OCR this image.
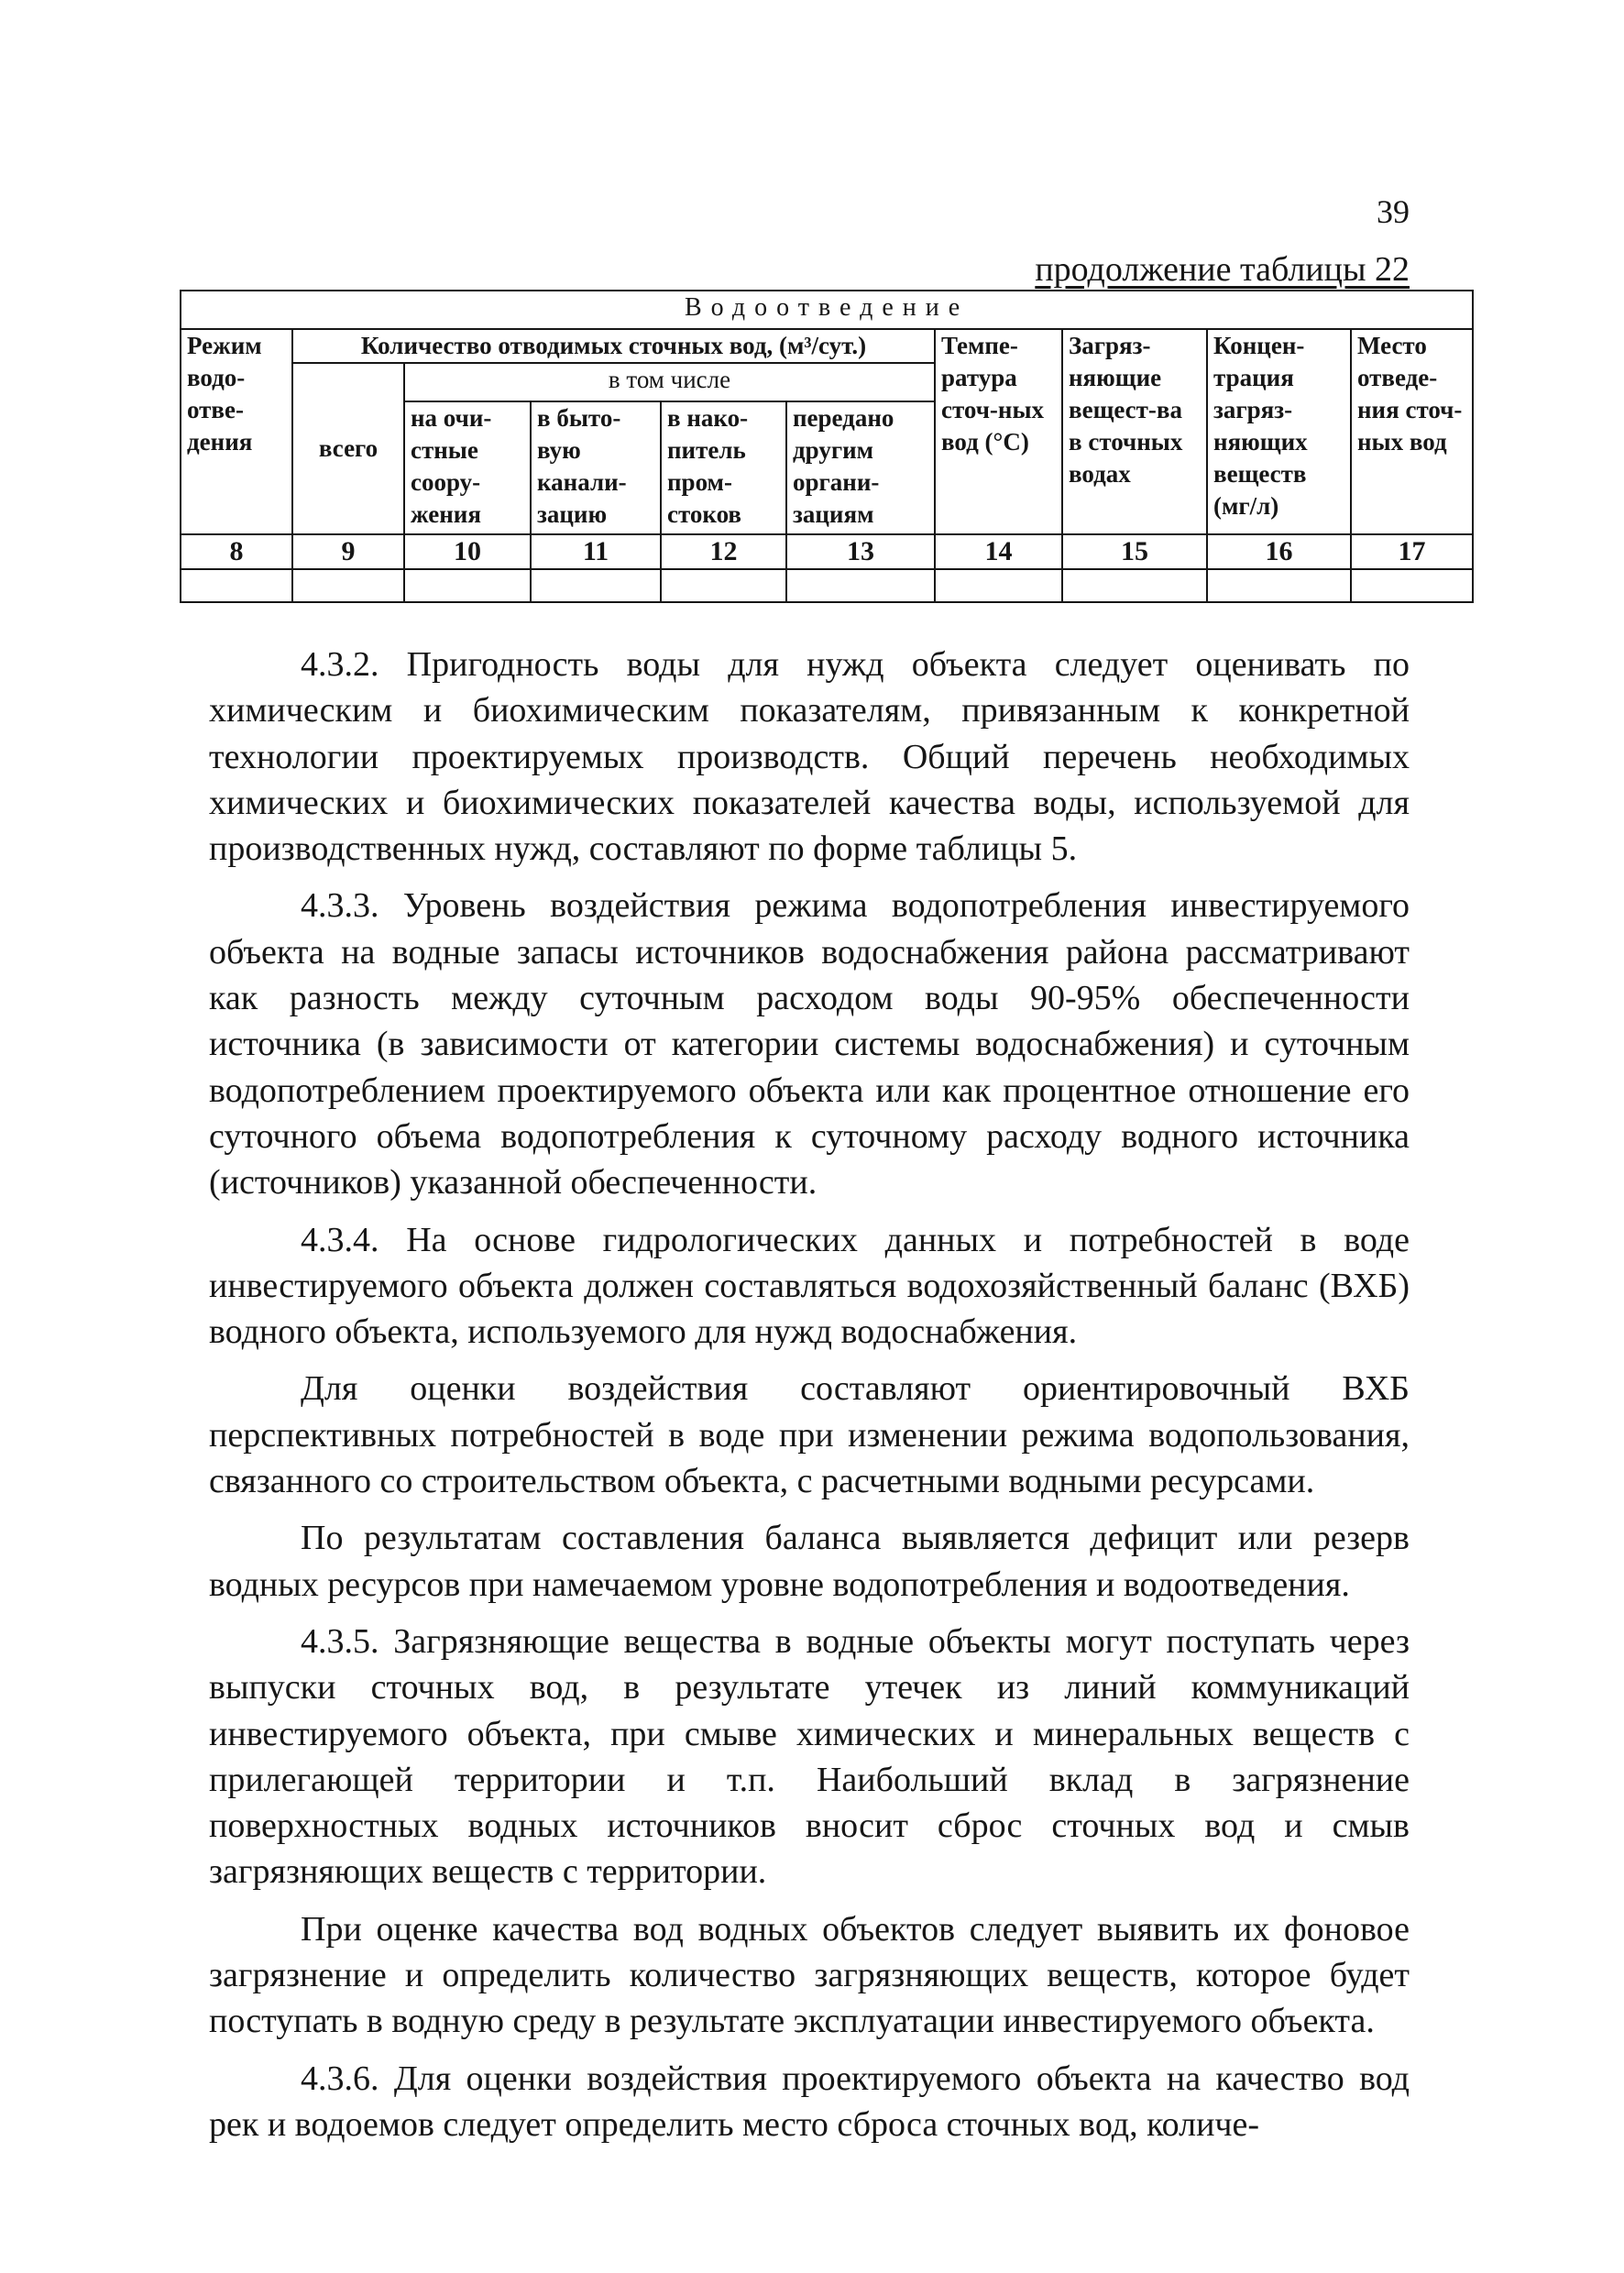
39
продолжение таблицы 22
Водоотведение									
Режим водо-отве-дения	Количество отводимых сточных вод, (м³/сут.)					Темпе-ратура сточ-ных вод (°С)	Загряз-няющие вещест-ва в сточных водах	Концен-трация загряз-няющих веществ (мг/л)	Место отведе-ния сточ-ных вод
	всего	в том числе							
		на очи-стные соору-жения	в быто-вую канали-зацию	в нако-питель пром-стоков	передано другим органи-зациям				
8	9	10	11	12	13	14	15	16	17

4.3.2. Пригодность воды для нужд объекта следует оценивать по химическим и биохимическим показателям, привязанным к конкретной технологии проектируемых производств. Общий перечень необходимых химических и биохимических показателей качества воды, используемой для производственных нужд, составляют по форме таблицы 5.

4.3.3. Уровень воздействия режима водопотребления инвестируемого объекта на водные запасы источников водоснабжения района рассматривают как разность между суточным расходом воды 90-95% обеспеченности источника (в зависимости от категории системы водоснабжения) и суточным водопотреблением проектируемого объекта или как процентное отношение его суточного объема водопотребления к суточному расходу водного источника (источников) указанной обеспеченности.

4.3.4. На основе гидрологических данных и потребностей в воде инвестируемого объекта должен составляться водохозяйственный баланс (ВХБ) водного объекта, используемого для нужд водоснабжения.

Для оценки воздействия составляют ориентировочный ВХБ перспективных потребностей в воде при изменении режима водопользования, связанного со строительством объекта, с расчетными водными ресурсами.

По результатам составления баланса выявляется дефицит или резерв водных ресурсов при намечаемом уровне водопотребления и водоотведения.

4.3.5. Загрязняющие вещества в водные объекты могут поступать через выпуски сточных вод, в результате утечек из линий коммуникаций инвестируемого объекта, при смыве химических и минеральных веществ с прилегающей территории и т.п. Наибольший вклад в загрязнение поверхностных водных источников вносит сброс сточных вод и смыв загрязняющих веществ с территории.

При оценке качества вод водных объектов следует выявить их фоновое загрязнение и определить количество загрязняющих веществ, которое будет поступать в водную среду в результате эксплуатации инвестируемого объекта.

4.3.6. Для оценки воздействия проектируемого объекта на качество вод рек и водоемов следует определить место сброса сточных вод, количе-
